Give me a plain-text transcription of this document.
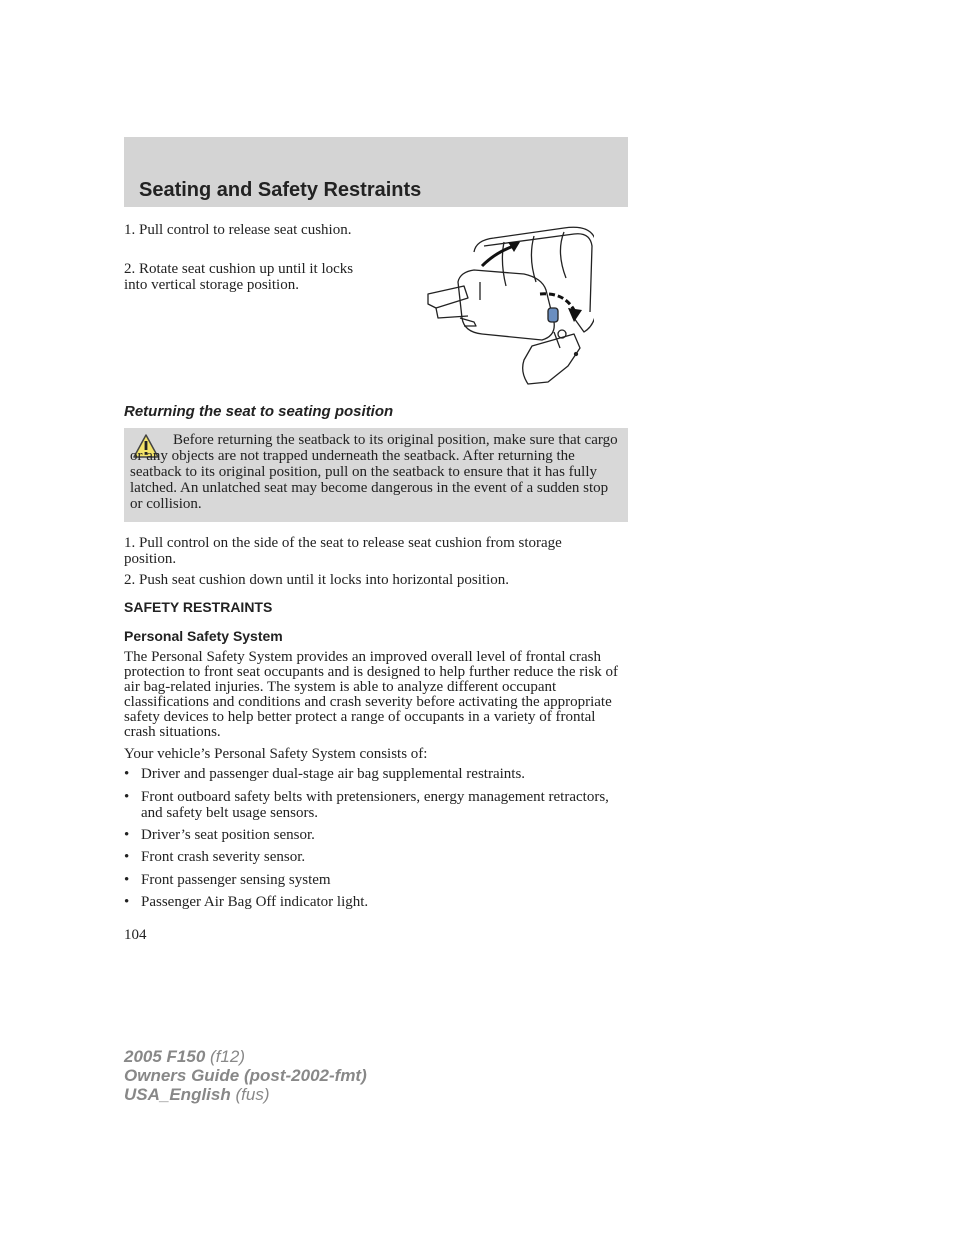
Seating and Safety Restraints

1. Pull control to release seat cushion.

2. Rotate seat cushion up until it locks into vertical storage position.

Returning the seat to seating position

Before returning the seatback to its original position, make sure that cargo or any objects are not trapped underneath the seatback. After returning the seatback to its original position, pull on the seatback to ensure that it has fully latched. An unlatched seat may become dangerous in the event of a sudden stop or collision.

1. Pull control on the side of the seat to release seat cushion from storage position.

2. Push seat cushion down until it locks into horizontal position.

SAFETY RESTRAINTS

Personal Safety System

The Personal Safety System provides an improved overall level of frontal crash protection to front seat occupants and is designed to help further reduce the risk of air bag-related injuries. The system is able to analyze different occupant classifications and conditions and crash severity before activating the appropriate safety devices to help better protect a range of occupants in a variety of frontal crash situations.

Your vehicle’s Personal Safety System consists of:

• Driver and passenger dual-stage air bag supplemental restraints.
• Front outboard safety belts with pretensioners, energy management retractors, and safety belt usage sensors.
• Driver’s seat position sensor.
• Front crash severity sensor.
• Front passenger sensing system
• Passenger Air Bag Off indicator light.

104

2005 F150 (f12)
Owners Guide (post-2002-fmt)
USA_English (fus)
